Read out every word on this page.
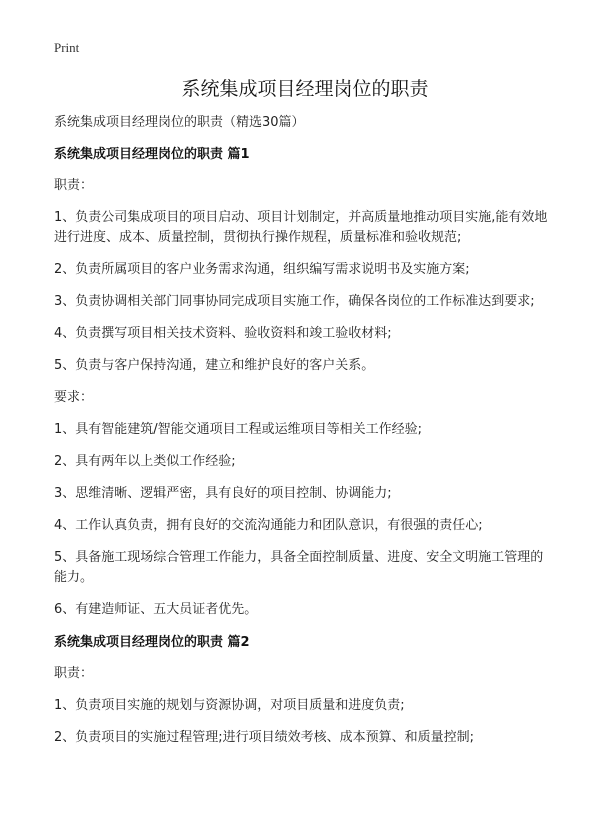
Print
系统集成项目经理岗位的职责
系统集成项目经理岗位的职责（精选30篇）
系统集成项目经理岗位的职责 篇1
职责：
1、负责公司集成项目的项目启动、项目计划制定，并高质量地推动项目实施,能有效地进行进度、成本、质量控制，贯彻执行操作规程，质量标准和验收规范;
2、负责所属项目的客户业务需求沟通，组织编写需求说明书及实施方案;
3、负责协调相关部门同事协同完成项目实施工作，确保各岗位的工作标准达到要求;
4、负责撰写项目相关技术资料、验收资料和竣工验收材料;
5、负责与客户保持沟通，建立和维护良好的客户关系。
要求：
1、具有智能建筑/智能交通项目工程或运维项目等相关工作经验;
2、具有两年以上类似工作经验;
3、思维清晰、逻辑严密，具有良好的项目控制、协调能力;
4、工作认真负责，拥有良好的交流沟通能力和团队意识，有很强的责任心;
5、具备施工现场综合管理工作能力，具备全面控制质量、进度、安全文明施工管理的能力。
6、有建造师证、五大员证者优先。
系统集成项目经理岗位的职责 篇2
职责：
1、负责项目实施的规划与资源协调，对项目质量和进度负责;
2、负责项目的实施过程管理;进行项目绩效考核、成本预算、和质量控制;
